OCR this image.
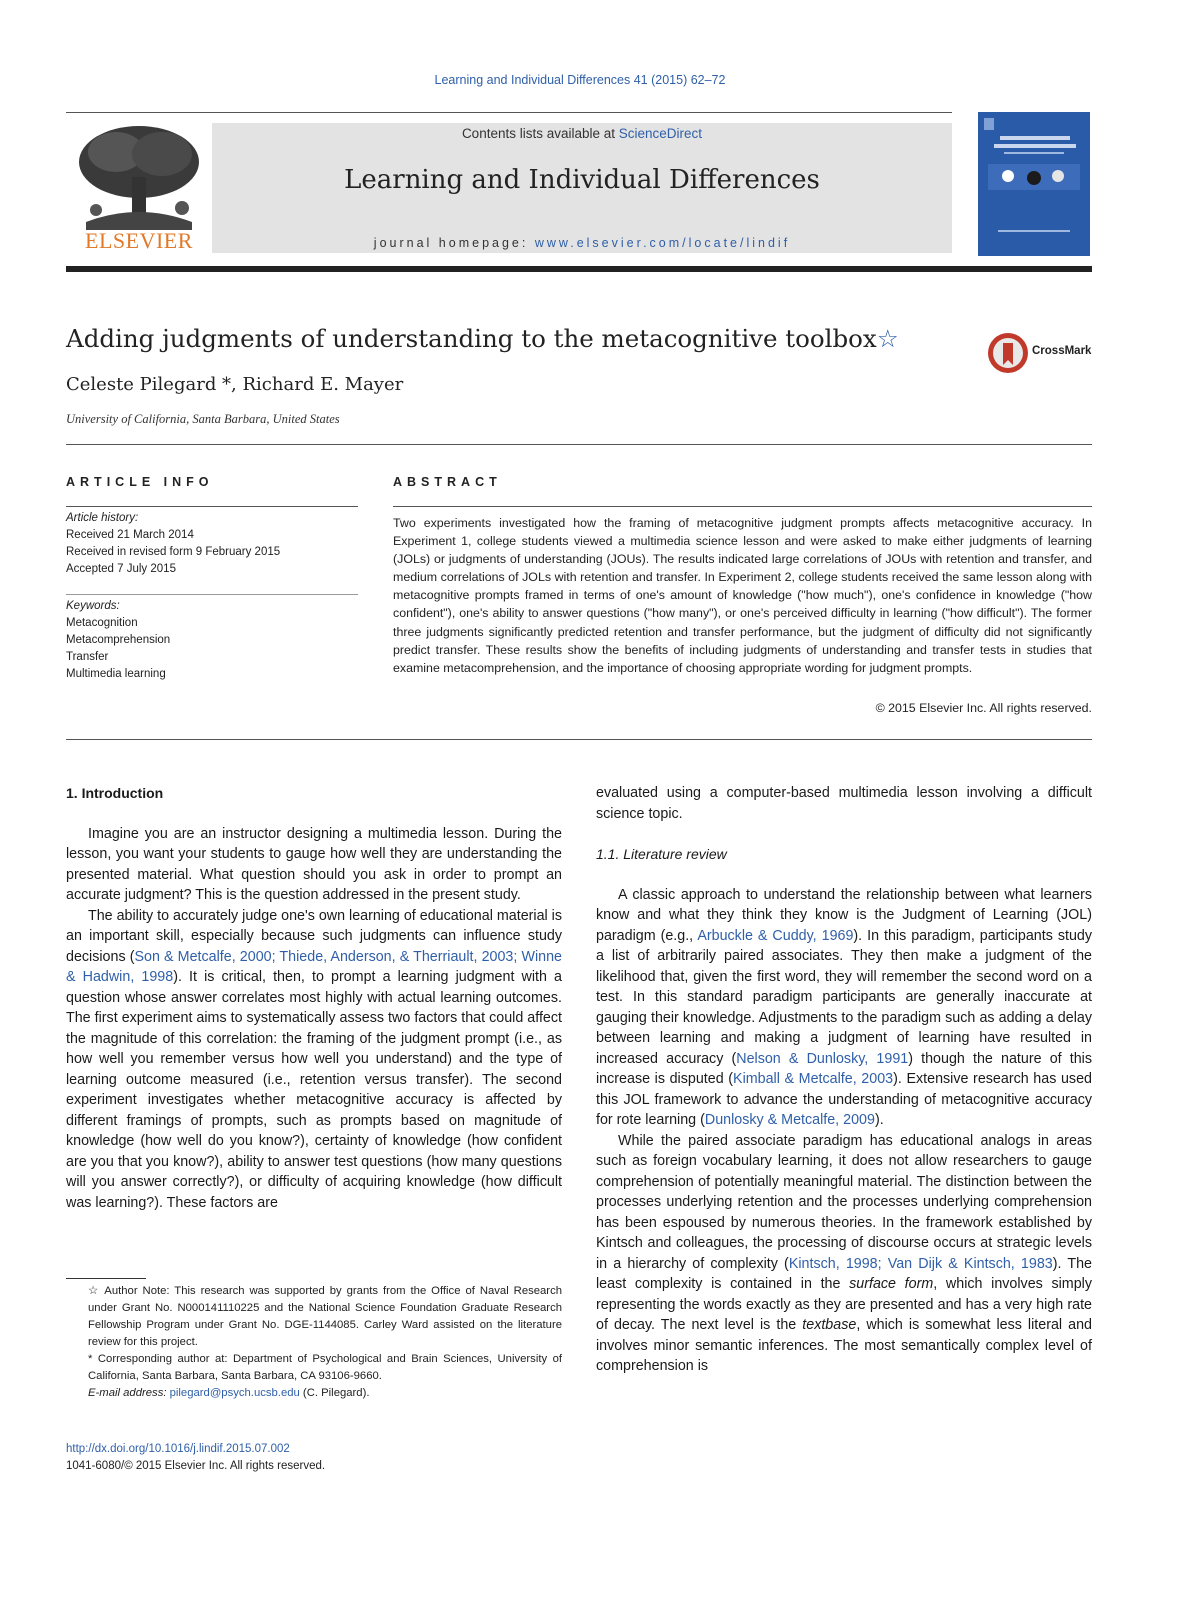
Learning and Individual Differences 41 (2015) 62–72
ELSEVIER
Contents lists available at ScienceDirect
Learning and Individual Differences
journal homepage: www.elsevier.com/locate/lindif
Adding judgments of understanding to the metacognitive toolbox☆	CrossMark
Celeste Pilegard *, Richard E. Mayer
University of California, Santa Barbara, United States
ARTICLE INFO	ABSTRACT
Article history:
Received 21 March 2014
Received in revised form 9 February 2015
Accepted 7 July 2015
Keywords:
Metacognition
Metacomprehension
Transfer
Multimedia learning
Two experiments investigated how the framing of metacognitive judgment prompts affects metacognitive accuracy. In Experiment 1, college students viewed a multimedia science lesson and were asked to make either judgments of learning (JOLs) or judgments of understanding (JOUs). The results indicated large correlations of JOUs with retention and transfer, and medium correlations of JOLs with retention and transfer. In Experiment 2, college students received the same lesson along with metacognitive prompts framed in terms of one's amount of knowledge ("how much"), one's confidence in knowledge ("how confident"), one's ability to answer questions ("how many"), or one's perceived difficulty in learning ("how difficult"). The former three judgments significantly predicted retention and transfer performance, but the judgment of difficulty did not significantly predict transfer. These results show the benefits of including judgments of understanding and transfer tests in studies that examine metacomprehension, and the importance of choosing appropriate wording for judgment prompts.
© 2015 Elsevier Inc. All rights reserved.
1. Introduction

Imagine you are an instructor designing a multimedia lesson. During the lesson, you want your students to gauge how well they are understanding the presented material. What question should you ask in order to prompt an accurate judgment? This is the question addressed in the present study.

The ability to accurately judge one's own learning of educational material is an important skill, especially because such judgments can influence study decisions (Son & Metcalfe, 2000; Thiede, Anderson, & Therriault, 2003; Winne & Hadwin, 1998). It is critical, then, to prompt a learning judgment with a question whose answer correlates most highly with actual learning outcomes. The first experiment aims to systematically assess two factors that could affect the magnitude of this correlation: the framing of the judgment prompt (i.e., as how well you remember versus how well you understand) and the type of learning outcome measured (i.e., retention versus transfer). The second experiment investigates whether metacognitive accuracy is affected by different framings of prompts, such as prompts based on magnitude of knowledge (how well do you know?), certainty of knowledge (how confident are you that you know?), ability to answer test questions (how many questions will you answer correctly?), or difficulty of acquiring knowledge (how difficult was learning?). These factors are

☆ Author Note: This research was supported by grants from the Office of Naval Research under Grant No. N000141110225 and the National Science Foundation Graduate Research Fellowship Program under Grant No. DGE-1144085. Carley Ward assisted on the literature review for this project.

* Corresponding author at: Department of Psychological and Brain Sciences, University of California, Santa Barbara, Santa Barbara, CA 93106-9660.

E-mail address: pilegard@psych.ucsb.edu (C. Pilegard).

evaluated using a computer-based multimedia lesson involving a difficult science topic.
1.1. Literature review

A classic approach to understand the relationship between what learners know and what they think they know is the Judgment of Learning (JOL) paradigm (e.g., Arbuckle & Cuddy, 1969). In this paradigm, participants study a list of arbitrarily paired associates. They then make a judgment of the likelihood that, given the first word, they will remember the second word on a test. In this standard paradigm participants are generally inaccurate at gauging their knowledge. Adjustments to the paradigm such as adding a delay between learning and making a judgment of learning have resulted in increased accuracy (Nelson & Dunlosky, 1991) though the nature of this increase is disputed (Kimball & Metcalfe, 2003). Extensive research has used this JOL framework to advance the understanding of metacognitive accuracy for rote learning (Dunlosky & Metcalfe, 2009).

While the paired associate paradigm has educational analogs in areas such as foreign vocabulary learning, it does not allow researchers to gauge comprehension of potentially meaningful material. The distinction between the processes underlying retention and the processes underlying comprehension has been espoused by numerous theories. In the framework established by Kintsch and colleagues, the processing of discourse occurs at strategic levels in a hierarchy of complexity (Kintsch, 1998; Van Dijk & Kintsch, 1983). The least complexity is contained in the surface form, which involves simply representing the words exactly as they are presented and has a very high rate of decay. The next level is the textbase, which is somewhat less literal and involves minor semantic inferences. The most semantically complex level of comprehension is

http://dx.doi.org/10.1016/j.lindif.2015.07.002
1041-6080/© 2015 Elsevier Inc. All rights reserved.
